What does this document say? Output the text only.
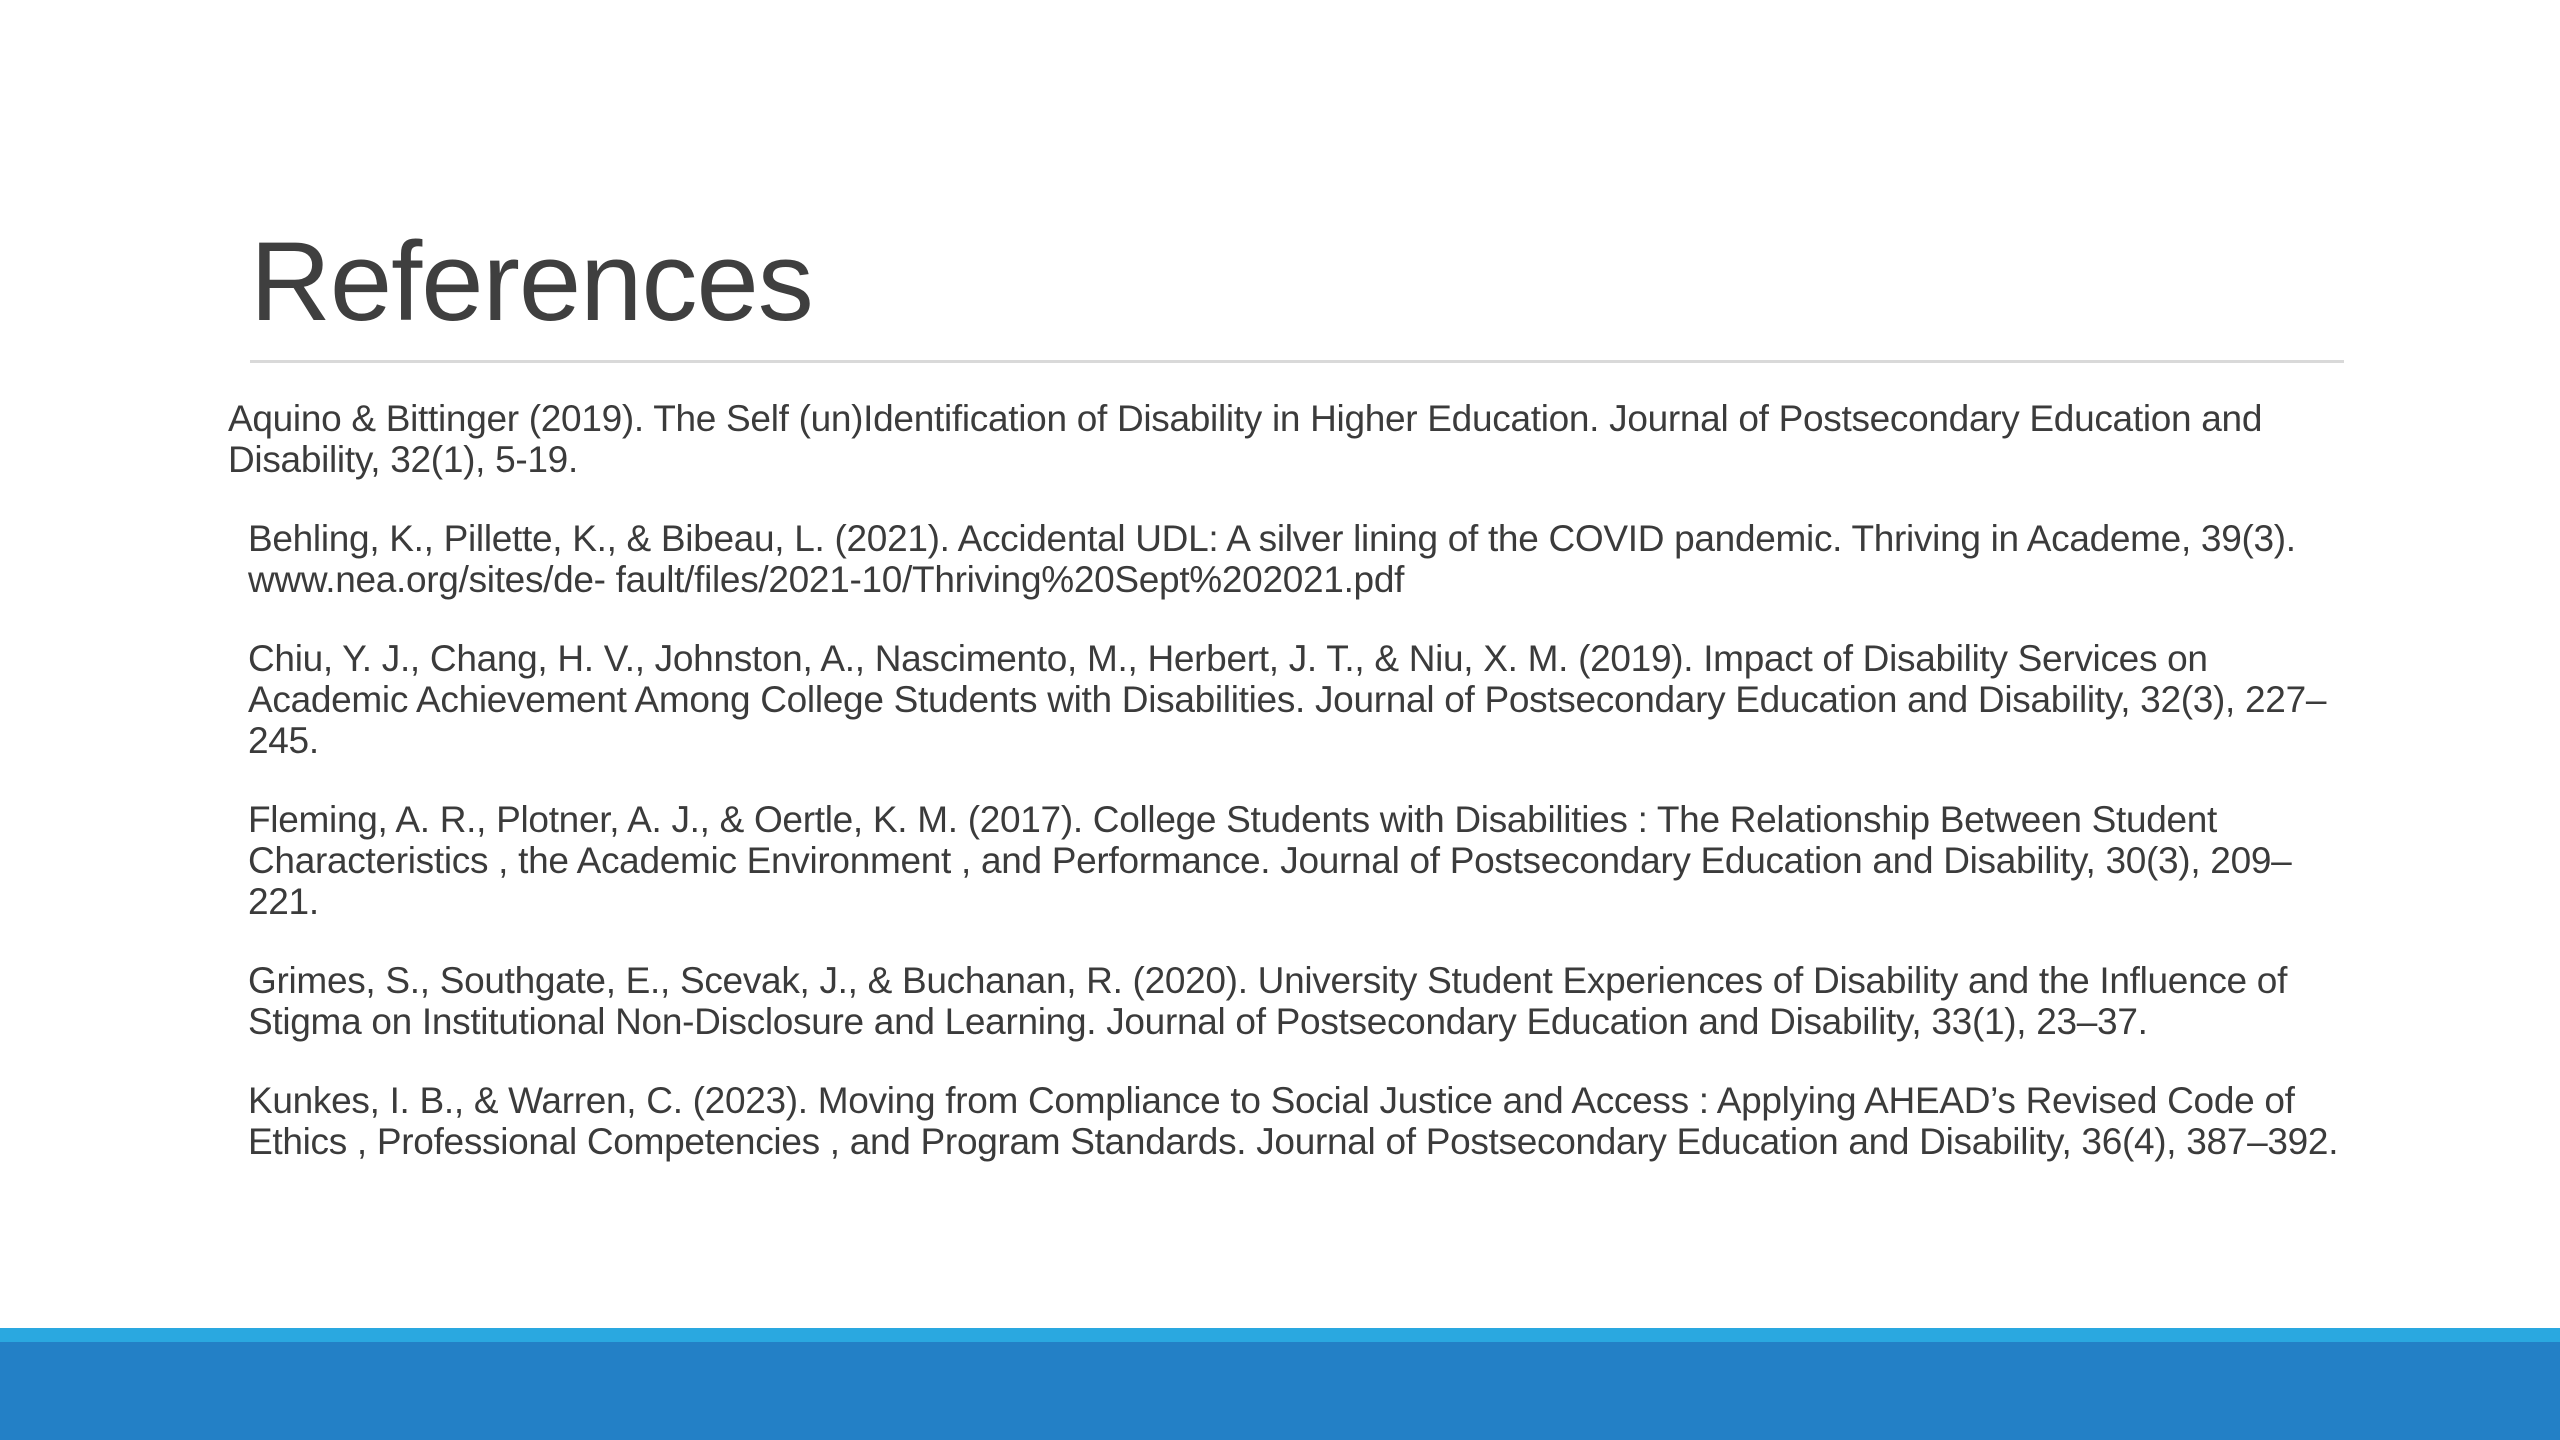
References
Aquino & Bittinger (2019). The Self (un)Identification of Disability in Higher Education. Journal of Postsecondary Education and Disability, 32(1), 5-19.
Behling, K., Pillette, K., & Bibeau, L. (2021). Accidental UDL: A silver lining of the COVID pandemic. Thriving in Academe, 39(3). www.nea.org/sites/de- fault/files/2021-10/Thriving%20Sept%202021.pdf
Chiu, Y. J., Chang, H. V., Johnston, A., Nascimento, M., Herbert, J. T., & Niu, X. M. (2019). Impact of Disability Services on Academic Achievement Among College Students with Disabilities. Journal of Postsecondary Education and Disability, 32(3), 227–245.
Fleming, A. R., Plotner, A. J., & Oertle, K. M. (2017). College Students with Disabilities : The Relationship Between Student Characteristics , the Academic Environment , and Performance. Journal of Postsecondary Education and Disability, 30(3), 209–221.
Grimes, S., Southgate, E., Scevak, J., & Buchanan, R. (2020). University Student Experiences of Disability and the Influence of Stigma on Institutional Non-Disclosure and Learning. Journal of Postsecondary Education and Disability, 33(1), 23–37.
Kunkes, I. B., & Warren, C. (2023). Moving from Compliance to Social Justice and Access : Applying AHEAD’s Revised Code of Ethics , Professional Competencies , and Program Standards. Journal of Postsecondary Education and Disability, 36(4), 387–392.
